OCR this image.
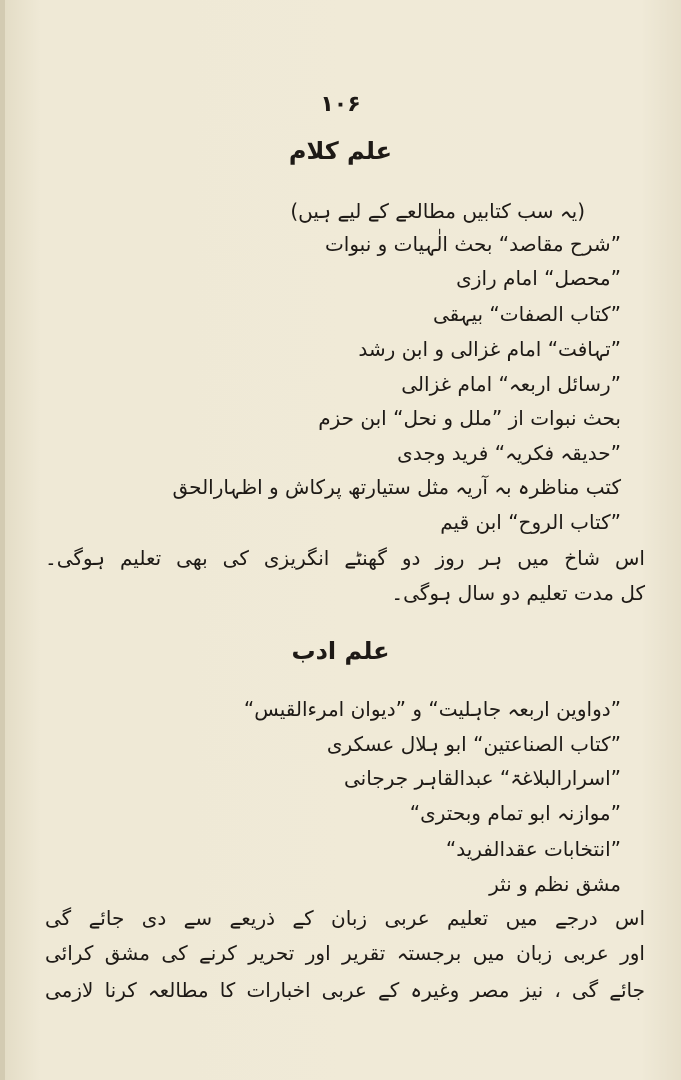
۱۰۶
علم کلام
(یہ سب کتابیں مطالعے کے لیے ہیں)
”شرح مقاصد“ بحث الٰہیات و نبوات
”محصل“ امام رازی
”کتاب الصفات“ بیہقی
”تہافت“ امام غزالی و ابن رشد
”رسائل اربعہ“ امام غزالی
بحث نبوات از ”ملل و نحل“ ابن حزم
”حدیقہ فکریہ“ فرید وجدی
کتب مناظرہ بہ آریہ مثل ستیارتھ پرکاش و اظہارالحق
”کتاب الروح“ ابن قیم
اس شاخ میں ہر روز دو گھنٹے انگریزی کی بھی تعلیم ہوگی۔
کل مدت تعلیم دو سال ہوگی۔
علم ادب
”دواوین اربعہ جاہلیت“ و ”دیوان امرءالقیس“
”کتاب الصناعتین“ ابو ہلال عسکری
”اسرارالبلاغۃ“ عبدالقاہر جرجانی
”موازنہ ابو تمام وبحتری“
”انتخابات عقدالفرید“
مشق نظم و نثر
اس درجے میں تعلیم عربی زبان کے ذریعے سے دی جائے گی
اور عربی زبان میں برجستہ تقریر اور تحریر کرنے کی مشق کرائی
جائے گی ، نیز مصر وغیرہ کے عربی اخبارات کا مطالعہ کرنا لازمی
